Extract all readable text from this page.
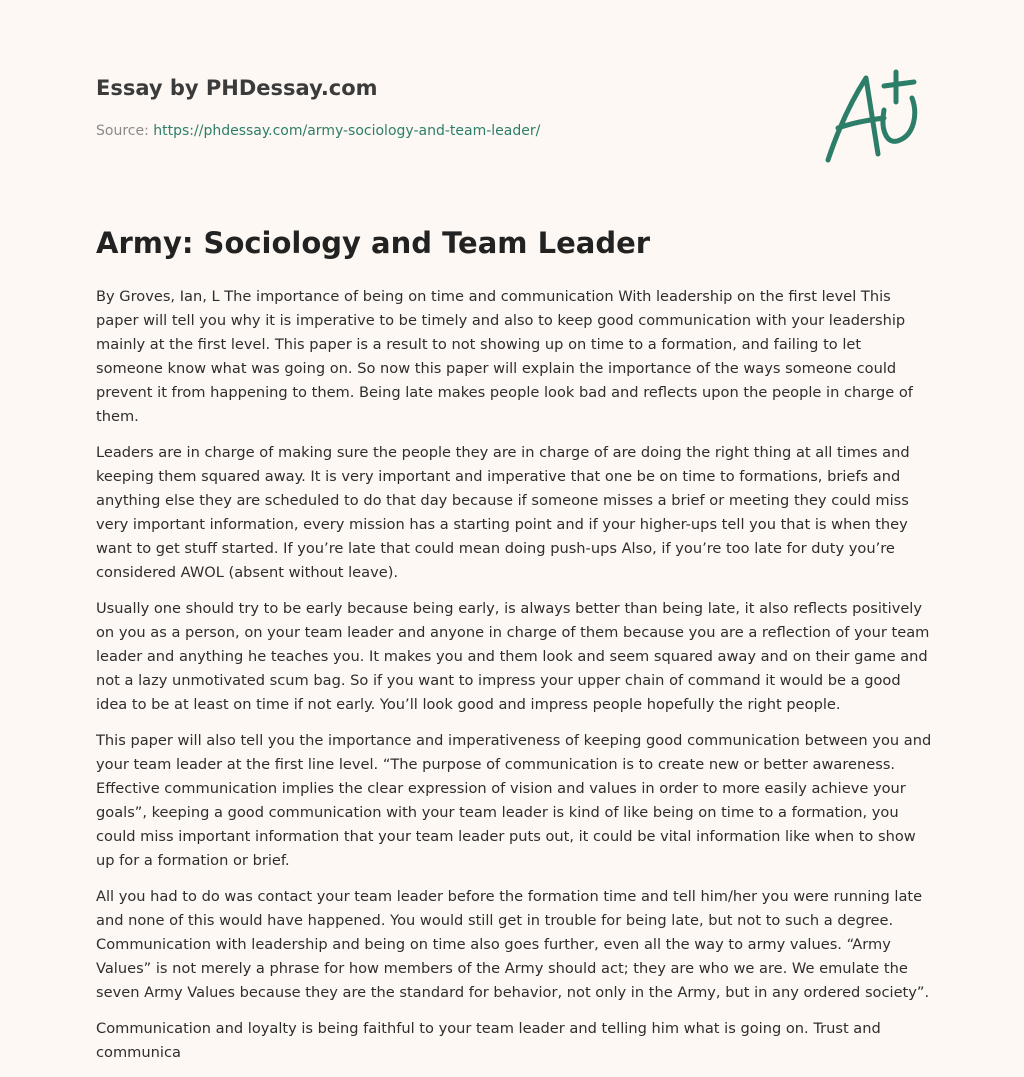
Essay by PHDessay.com
Source: https://phdessay.com/army-sociology-and-team-leader/
Army: Sociology and Team Leader

By Groves, Ian, L The importance of being on time and communication With leadership on the first level This paper will tell you why it is imperative to be timely and also to keep good communication with your leadership mainly at the first level. This paper is a result to not showing up on time to a formation, and failing to let someone know what was going on. So now this paper will explain the importance of the ways someone could prevent it from happening to them. Being late makes people look bad and reflects upon the people in charge of them.

Leaders are in charge of making sure the people they are in charge of are doing the right thing at all times and keeping them squared away. It is very important and imperative that one be on time to formations, briefs and anything else they are scheduled to do that day because if someone misses a brief or meeting they could miss very important information, every mission has a starting point and if your higher-ups tell you that is when they want to get stuff started. If you’re late that could mean doing push-ups Also, if you’re too late for duty you’re considered AWOL (absent without leave).

Usually one should try to be early because being early, is always better than being late, it also reflects positively on you as a person, on your team leader and anyone in charge of them because you are a reflection of your team leader and anything he teaches you. It makes you and them look and seem squared away and on their game and not a lazy unmotivated scum bag. So if you want to impress your upper chain of command it would be a good idea to be at least on time if not early. You’ll look good and impress people hopefully the right people.

This paper will also tell you the importance and imperativeness of keeping good communication between you and your team leader at the first line level. “The purpose of communication is to create new or better awareness. Effective communication implies the clear expression of vision and values in order to more easily achieve your goals”, keeping a good communication with your team leader is kind of like being on time to a formation, you could miss important information that your team leader puts out, it could be vital information like when to show up for a formation or brief.

All you had to do was contact your team leader before the formation time and tell him/her you were running late and none of this would have happened. You would still get in trouble for being late, but not to such a degree. Communication with leadership and being on time also goes further, even all the way to army values. “Army Values” is not merely a phrase for how members of the Army should act; they are who we are. We emulate the seven Army Values because they are the standard for behavior, not only in the Army, but in any ordered society”.

Communication and loyalty is being faithful to your team leader and telling him what is going on. Trust and communica
